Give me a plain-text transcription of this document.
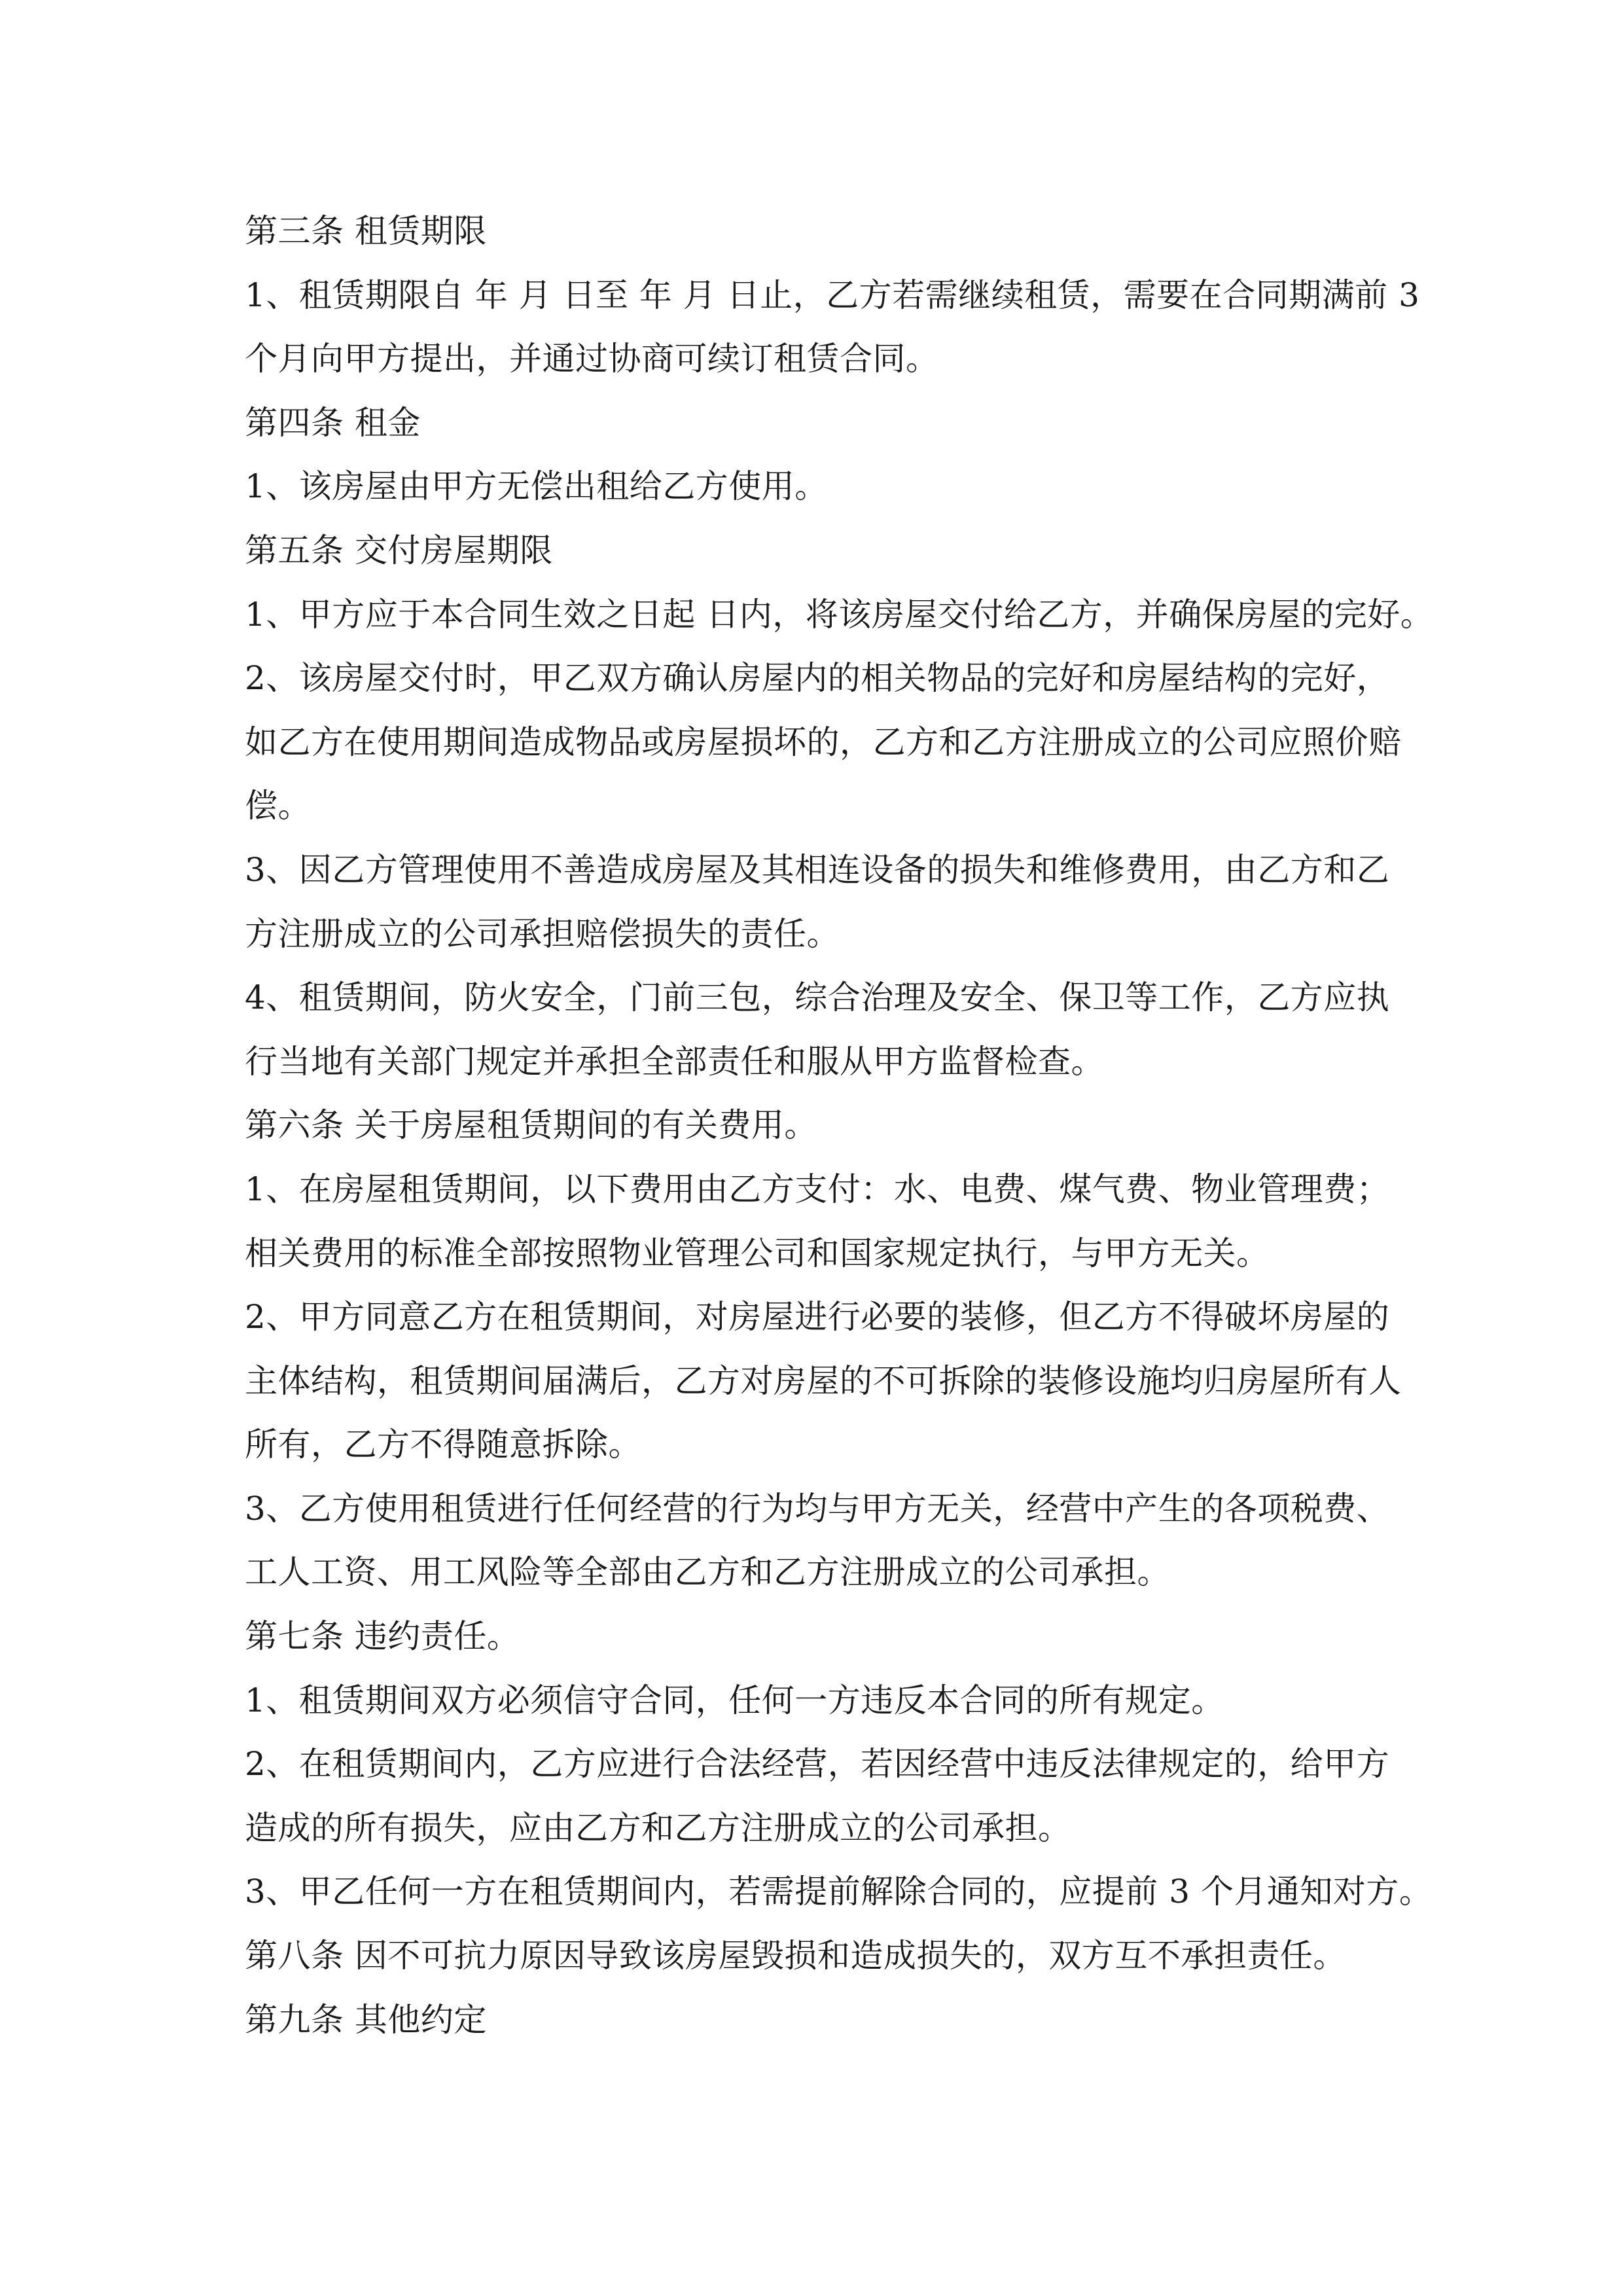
第三条 租赁期限
1、租赁期限自 年 月 日至 年 月 日止，乙方若需继续租赁，需要在合同期满前 3
个月向甲方提出，并通过协商可续订租赁合同。
第四条 租金
1、该房屋由甲方无偿出租给乙方使用。
第五条 交付房屋期限
1、甲方应于本合同生效之日起 日内，将该房屋交付给乙方，并确保房屋的完好。
2、该房屋交付时，甲乙双方确认房屋内的相关物品的完好和房屋结构的完好，
如乙方在使用期间造成物品或房屋损坏的，乙方和乙方注册成立的公司应照价赔
偿。
3、因乙方管理使用不善造成房屋及其相连设备的损失和维修费用，由乙方和乙
方注册成立的公司承担赔偿损失的责任。
4、租赁期间，防火安全，门前三包，综合治理及安全、保卫等工作，乙方应执
行当地有关部门规定并承担全部责任和服从甲方监督检查。
第六条 关于房屋租赁期间的有关费用。
1、在房屋租赁期间，以下费用由乙方支付：水、电费、煤气费、物业管理费；
相关费用的标准全部按照物业管理公司和国家规定执行，与甲方无关。
2、甲方同意乙方在租赁期间，对房屋进行必要的装修，但乙方不得破坏房屋的
主体结构，租赁期间届满后，乙方对房屋的不可拆除的装修设施均归房屋所有人
所有，乙方不得随意拆除。
3、乙方使用租赁进行任何经营的行为均与甲方无关，经营中产生的各项税费、
工人工资、用工风险等全部由乙方和乙方注册成立的公司承担。
第七条 违约责任。
1、租赁期间双方必须信守合同，任何一方违反本合同的所有规定。
2、在租赁期间内，乙方应进行合法经营，若因经营中违反法律规定的，给甲方
造成的所有损失，应由乙方和乙方注册成立的公司承担。
3、甲乙任何一方在租赁期间内，若需提前解除合同的，应提前 3 个月通知对方。
第八条 因不可抗力原因导致该房屋毁损和造成损失的，双方互不承担责任。
第九条 其他约定
